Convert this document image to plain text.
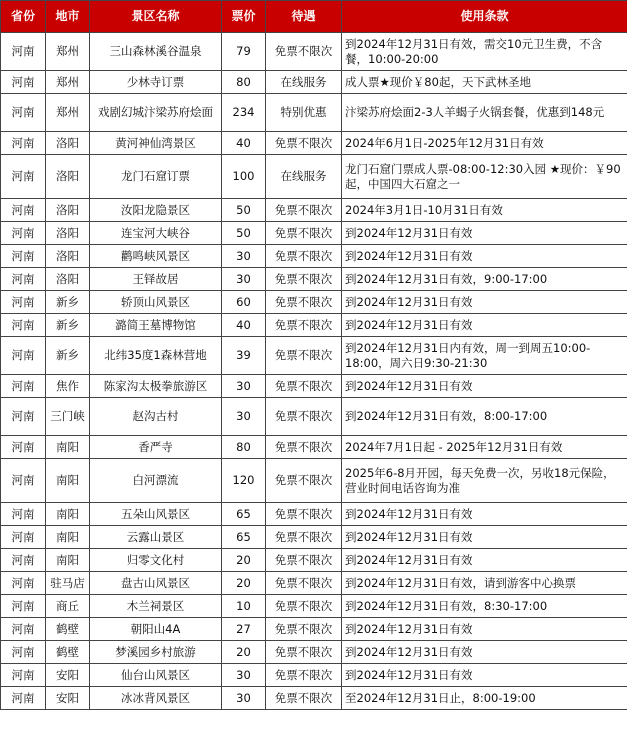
省份	地市	景区名称	票价	待遇	使用条款
河南	郑州	三山森林溪谷温泉	79	免票不限次	到2024年12月31日有效，需交10元卫生费，不含餐，10:00-20:00
河南	郑州	少林寺订票	80	在线服务	成人票★现价￥80起，天下武林圣地
河南	郑州	戏剧幻城汴梁苏府烩面	234	特别优惠	汴梁苏府烩面2-3人羊蝎子火锅套餐，优惠到148元
河南	洛阳	黄河神仙湾景区	40	免票不限次	2024年6月1日-2025年12月31日有效
河南	洛阳	龙门石窟订票	100	在线服务	龙门石窟门票成人票-08:00-12:30入园 ★现价：￥90起，中国四大石窟之一
河南	洛阳	汝阳龙隐景区	50	免票不限次	2024年3月1日-10月31日有效
河南	洛阳	连宝河大峡谷	50	免票不限次	到2024年12月31日有效
河南	洛阳	鹳鸣峡风景区	30	免票不限次	到2024年12月31日有效
河南	洛阳	王铎故居	30	免票不限次	到2024年12月31日有效，9:00-17:00
河南	新乡	轿顶山风景区	60	免票不限次	到2024年12月31日有效
河南	新乡	潞简王墓博物馆	40	免票不限次	到2024年12月31日有效
河南	新乡	北纬35度1森林营地	39	免票不限次	到2024年12月31日内有效，周一到周五10:00-18:00，周六日9:30-21:30
河南	焦作	陈家沟太极拳旅游区	30	免票不限次	到2024年12月31日有效
河南	三门峡	赵沟古村	30	免票不限次	到2024年12月31日有效，8:00-17:00
河南	南阳	香严寺	80	免票不限次	2024年7月1日起 - 2025年12月31日有效
河南	南阳	白河漂流	120	免票不限次	2025年6-8月开园，每天免费一次，另收18元保险，营业时间电话咨询为准
河南	南阳	五朵山风景区	65	免票不限次	到2024年12月31日有效
河南	南阳	云露山景区	65	免票不限次	到2024年12月31日有效
河南	南阳	归零文化村	20	免票不限次	到2024年12月31日有效
河南	驻马店	盘古山风景区	20	免票不限次	到2024年12月31日有效，请到游客中心换票
河南	商丘	木兰祠景区	10	免票不限次	到2024年12月31日有效，8:30-17:00
河南	鹤壁	朝阳山4A	27	免票不限次	到2024年12月31日有效
河南	鹤壁	梦溪园乡村旅游	20	免票不限次	到2024年12月31日有效
河南	安阳	仙台山风景区	30	免票不限次	到2024年12月31日有效
河南	安阳	冰冰背风景区	30	免票不限次	至2024年12月31日止，8:00-19:00
